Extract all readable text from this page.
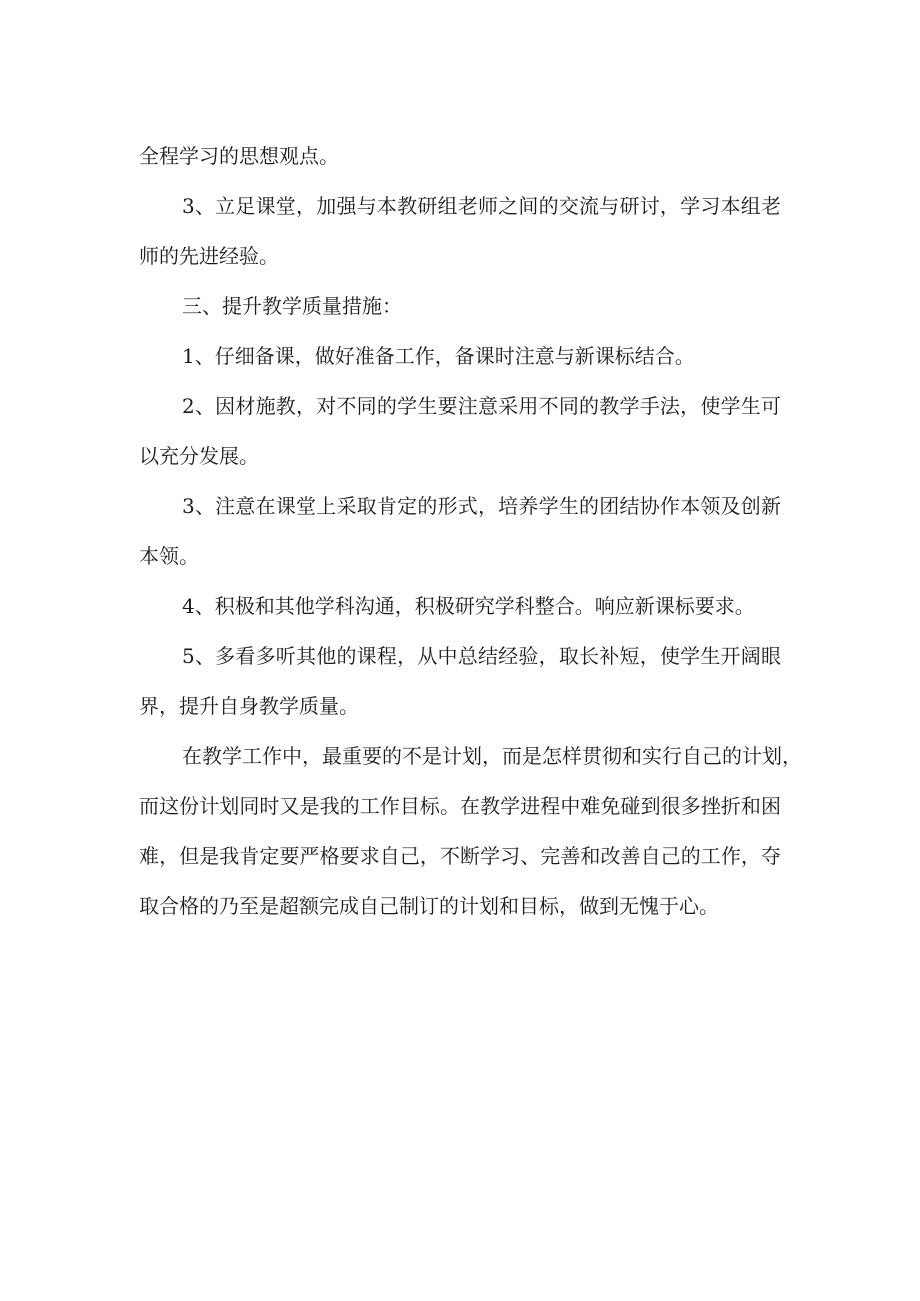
全程学习的思想观点。
3、立足课堂，加强与本教研组老师之间的交流与研讨，学习本组老
师的先进经验。
三、提升教学质量措施：
1、仔细备课，做好准备工作，备课时注意与新课标结合。
2、因材施教，对不同的学生要注意采用不同的教学手法，使学生可
以充分发展。
3、注意在课堂上采取肯定的形式，培养学生的团结协作本领及创新
本领。
4、积极和其他学科沟通，积极研究学科整合。响应新课标要求。
5、多看多听其他的课程，从中总结经验，取长补短，使学生开阔眼
界，提升自身教学质量。
在教学工作中，最重要的不是计划，而是怎样贯彻和实行自己的计划，
而这份计划同时又是我的工作目标。在教学进程中难免碰到很多挫折和困
难，但是我肯定要严格要求自己，不断学习、完善和改善自己的工作，夺
取合格的乃至是超额完成自己制订的计划和目标，做到无愧于心。
